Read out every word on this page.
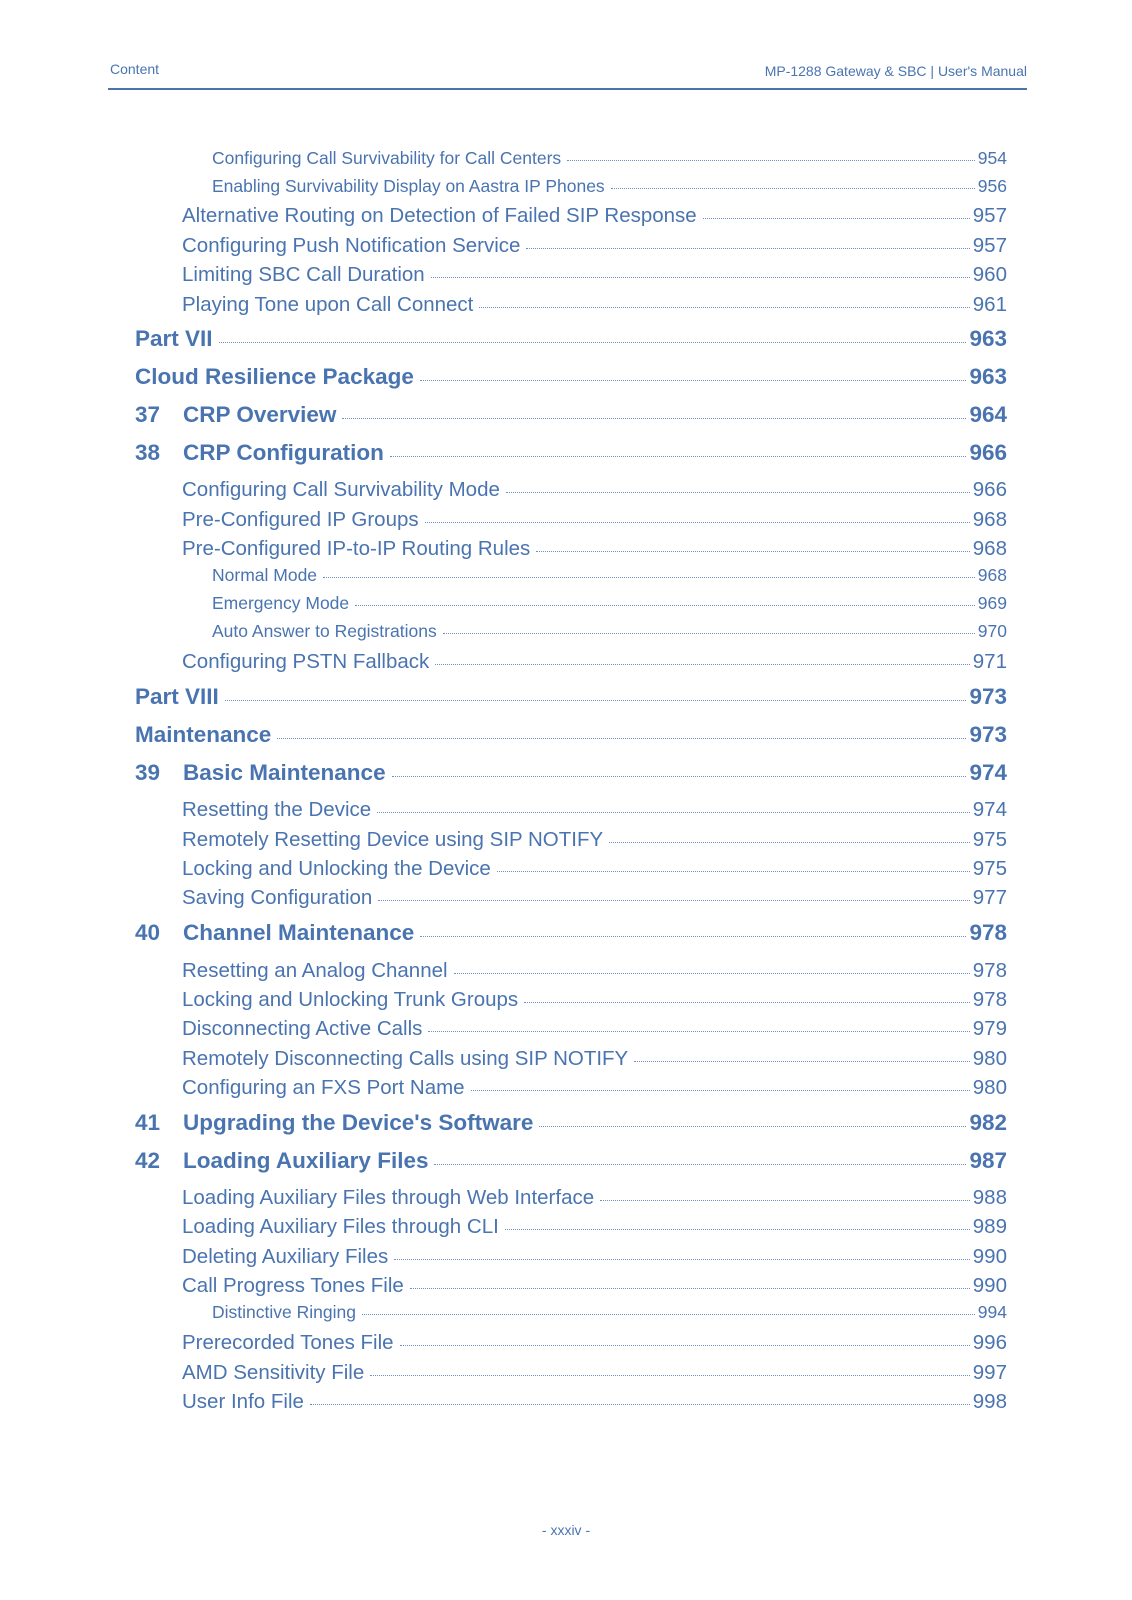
Content	MP-1288 Gateway & SBC | User's Manual
Configuring Call Survivability for Call Centers	954
Enabling Survivability Display on Aastra IP Phones	956
Alternative Routing on Detection of Failed SIP Response	957
Configuring Push Notification Service	957
Limiting SBC Call Duration	960
Playing Tone upon Call Connect	961
Part VII	963
Cloud Resilience Package	963
37	CRP Overview	964
38	CRP Configuration	966
Configuring Call Survivability Mode	966
Pre-Configured IP Groups	968
Pre-Configured IP-to-IP Routing Rules	968
Normal Mode	968
Emergency Mode	969
Auto Answer to Registrations	970
Configuring PSTN Fallback	971
Part VIII	973
Maintenance	973
39	Basic Maintenance	974
Resetting the Device	974
Remotely Resetting Device using SIP NOTIFY	975
Locking and Unlocking the Device	975
Saving Configuration	977
40	Channel Maintenance	978
Resetting an Analog Channel	978
Locking and Unlocking Trunk Groups	978
Disconnecting Active Calls	979
Remotely Disconnecting Calls using SIP NOTIFY	980
Configuring an FXS Port Name	980
41	Upgrading the Device's Software	982
42	Loading Auxiliary Files	987
Loading Auxiliary Files through Web Interface	988
Loading Auxiliary Files through CLI	989
Deleting Auxiliary Files	990
Call Progress Tones File	990
Distinctive Ringing	994
Prerecorded Tones File	996
AMD Sensitivity File	997
User Info File	998
- xxxiv -
